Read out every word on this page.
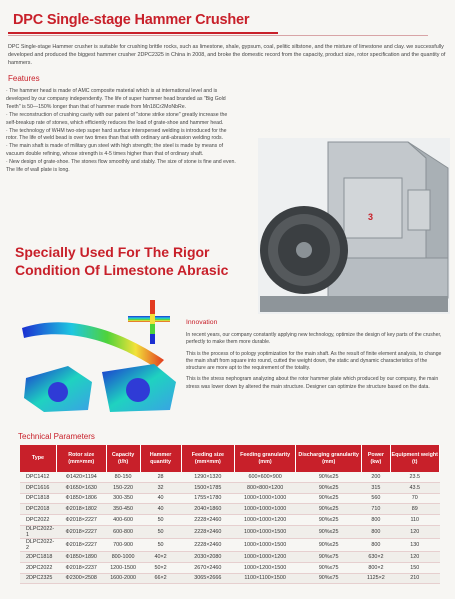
DPC Single-stage Hammer Crusher
DPC Single-stage Hammer crusher is suitable for crushing brittle rocks, such as limestone, shale, gypsum, coal, pelitic siltstone, and the mixture of limestone and clay. we successfully developed and produced the biggest hammer crusher 2DPC2325 in China in 2008, and broke the domestic record from the capacity, product size, rotor specification and the quantity of hammers.
Features

· The hammer head is made of AMC composite material which is at international level and is developed by our company independently. The life of super hammer head branded as "Big Gold Teeth" is 50—150% longer than that of hammer made from Mn18Cr2MoNbRe.

· The reconstruction of crushing cavity with our patent of "stone strike stone" greatly increase the self-breakup rate of stones, which efficiently reduces the load of grate-shoe and hammer head.

· The technology of WHM two-step super hard surface interspersed welding is introduced for the rotor. The life of weld bead is over two times than that with ordinary anti-abrasion welding rods.

· The main shaft is made of military gun steel with high strength; the steel is made by means of vacuum double refining, whose strength is 4-5 times higher than that of ordinary shaft.

· New design of grate-shoe. The stones flow smoothly and stably. The size of stone is fine and even. The life of wall plate is long.

3
Specially Used For The Rigor
Condition Of Limestone Abrasic
Innovation

In recent years, our company constantly applying new technology, optimize the design of key parts of the crusher, perfectly to make them more durable.

This is the process of to pology yoptimization for the main shaft. As the result of finite element analysis, to change the main shaft from square into round, cutted the weight down, the static and dynamic characteristics of the structure are more apt to the requirement of the totality.

This is the stress nephogram analyzing about the rotor hammer plate which produced by our company, the main stress was lower down by altered the main structure. Designer can optimize the structure based on the data.

Technical Parameters
Type	Rotor size (mm×mm)	Capacity (t/h)	Hammer quantity	Feeding size (mm×mm)	Feeding granularity (mm)	Discharging granularity (mm)	Power (kw)	Equipment weight (t)
DPC1412	Φ1420×1194	80-150	28	1290×1320	600×600×900	90%≤25	200	23.5
DPC1616	Φ1650×1630	150-220	32	1500×1785	800×800×1200	90%≤25	315	43.5
DPC1818	Φ1850×1806	300-350	40	1755×1780	1000×1000×1000	90%≤25	560	70
DPC2018	Φ2018×1802	350-450	40	2040×1860	1000×1000×1000	90%≤25	710	89
DPC2022	Φ2018×2227	400-600	50	2228×2460	1000×1000×1200	90%≤25	800	110
DLPC2022-1	Φ2018×2227	600-800	50	2228×2460	1000×1000×1500	90%≤25	800	120
DLPC2022-2	Φ2018×2227	700-900	50	2228×2460	1000×1000×1500	90%≤25	800	130
2DPC1818	Φ1850×1890	800-1000	40×2	2030×2080	1000×1000×1200	90%≤75	630×2	120
2DPC2022	Φ2018×2237	1200-1500	50×2	2670×2460	1000×1200×1500	90%≤75	800×2	150
2DPC2325	Φ2300×2508	1600-2000	66×2	3065×2666	1100×1100×1500	90%≤75	1125×2	210
